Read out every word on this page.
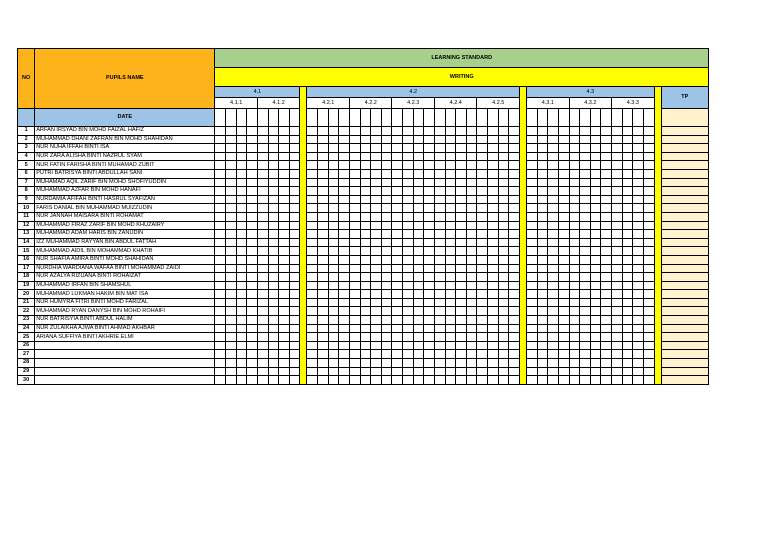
NO	PUPILS NAME	LEARNING STANDARD																																											
		WRITING																																											
		4.1									4.2																					4.3													TP
		4.1.1				4.1.2					4.2.1				4.2.2				4.2.3				4.2.4				4.2.5					4.3.1				4.3.2				4.3.3					
	DATE																																												
1	ARFAN IRSYAD BIN MOHD FAIZAL HAFIZ																																												
2	MUHAMMAD DHANI ZAFRAN BIN MOHD SHAHIDAN																																												
3	NUR NUHA IFFAH BINTI ISA																																												
4	NUR ZARA ALISHA BINTI NAZRUL SYAM																																												
5	NUR FATIN FARISHA BINTI MUHAMAD ZUBIT																																												
6	PUTRI BATRISYA BINTI ABDULLAH SANI																																												
7	MUHAMAD AQIL ZARIF BIN MOHD SHOFIYUDDIN																																												
8	MUHAMMAD AZFAR BIN MOHD HANAFI																																												
9	NURDAMIA AFIFAH BINTI HASRUL SYAFIZAN																																												
10	FARIS DANIAL BIN MUHAMMAD MUIZZUDIN																																												
11	NUR JANNAH MAISARA BINTI ROHAMAT																																												
12	MUHAMMAD FIRAZ ZARIF BIN MOHD KHUZAIRY																																												
13	MUHAMMAD ADAM HARIS BIN ZANUDIN																																												
14	IZZ MUHAMMAD RAYYAN BIN ABDUL FATTAH																																												
15	MUHAMMAD AIDIL BIN MOHAMMAD KHATIB																																												
16	NUR SHAFIA AMIRA BINTI MOHD SHAHIDAN																																												
17	NURDHIA WARDIANA WAFAA BINTI MOHAMMAD ZAIDI																																												
18	NUR AZALYA RIZUANA BINTI ROHAIZAT																																												
19	MUHAMMAD IRFAN BIN SHAMSHUL																																												
20	MUHAMMAD LUKMAN HAKIM BIN MAT ISA																																												
21	NUR HUMYRA FITRI BINTI MOHD FARIZAL																																												
22	MUHAMMAD RYAN DANYSH BIN MOHD ROHAIFI																																												
23	NUR BATRISYIA BINTI ABDUL HALIM																																												
24	NUR ZULAIKHA AJWA BINTI AHMAD AKHBAR																																												
25	ARIANA SUFFIYA BINTI AKHRIE ELMI																																												
26																																													
27																																													
28																																													
29																																													
30																																													
